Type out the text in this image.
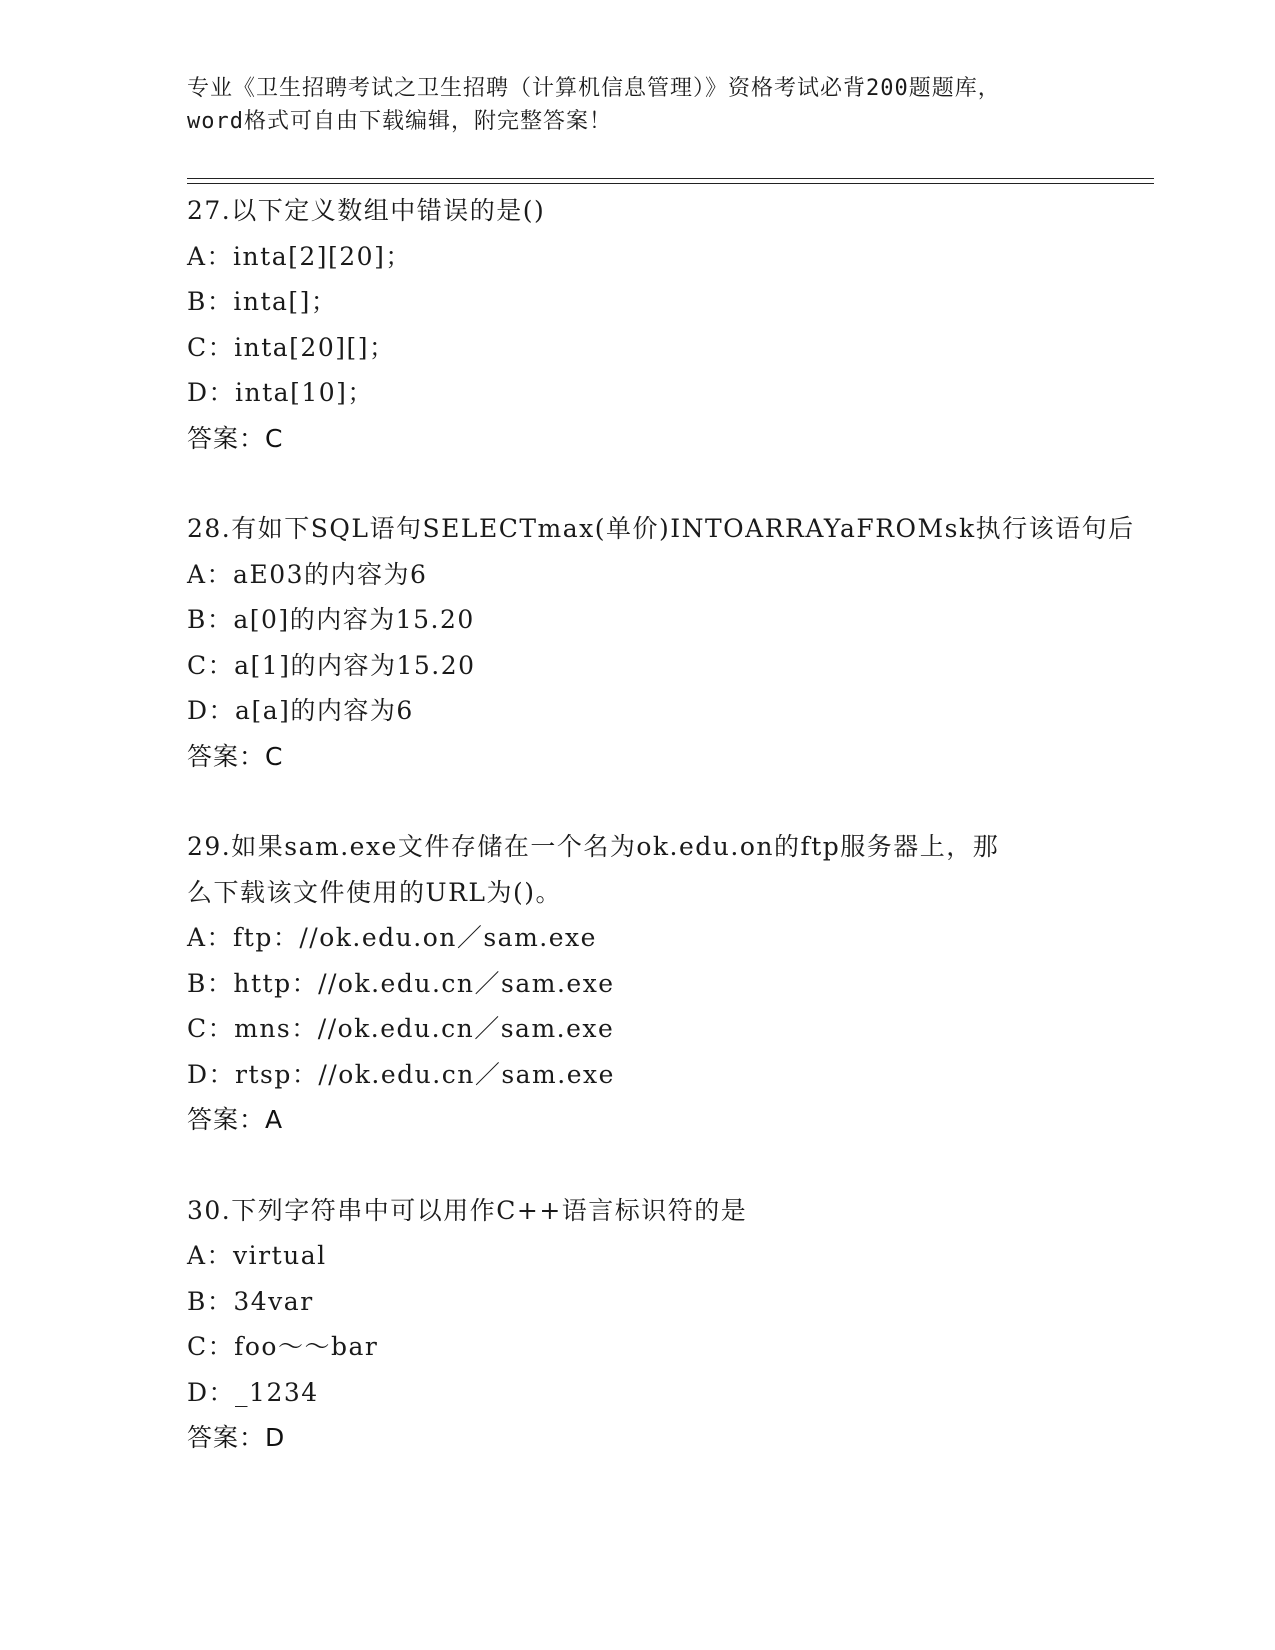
专业《卫生招聘考试之卫生招聘（计算机信息管理）》资格考试必背200题题库，
word格式可自由下载编辑，附完整答案！
27.以下定义数组中错误的是()
A：inta[2][20]；
B：inta[]；
C：inta[20][]；
D：inta[10]；
答案：C
28.有如下SQL语句SELECTmax(单价)INTOARRAYaFROMsk执行该语句后
A：aE03的内容为6
B：a[0]的内容为15.20
C：a[1]的内容为15.20
D：a[a]的内容为6
答案：C
29.如果sam.exe文件存储在一个名为ok.edu.on的ftp服务器上，那
么下载该文件使用的URL为()。
A：ftp：//ok.edu.on／sam.exe
B：http：//ok.edu.cn／sam.exe
C：mns：//ok.edu.cn／sam.exe
D：rtsp：//ok.edu.cn／sam.exe
答案：A
30.下列字符串中可以用作C++语言标识符的是
A：virtual
B：34var
C：foo～～bar
D：_1234
答案：D
